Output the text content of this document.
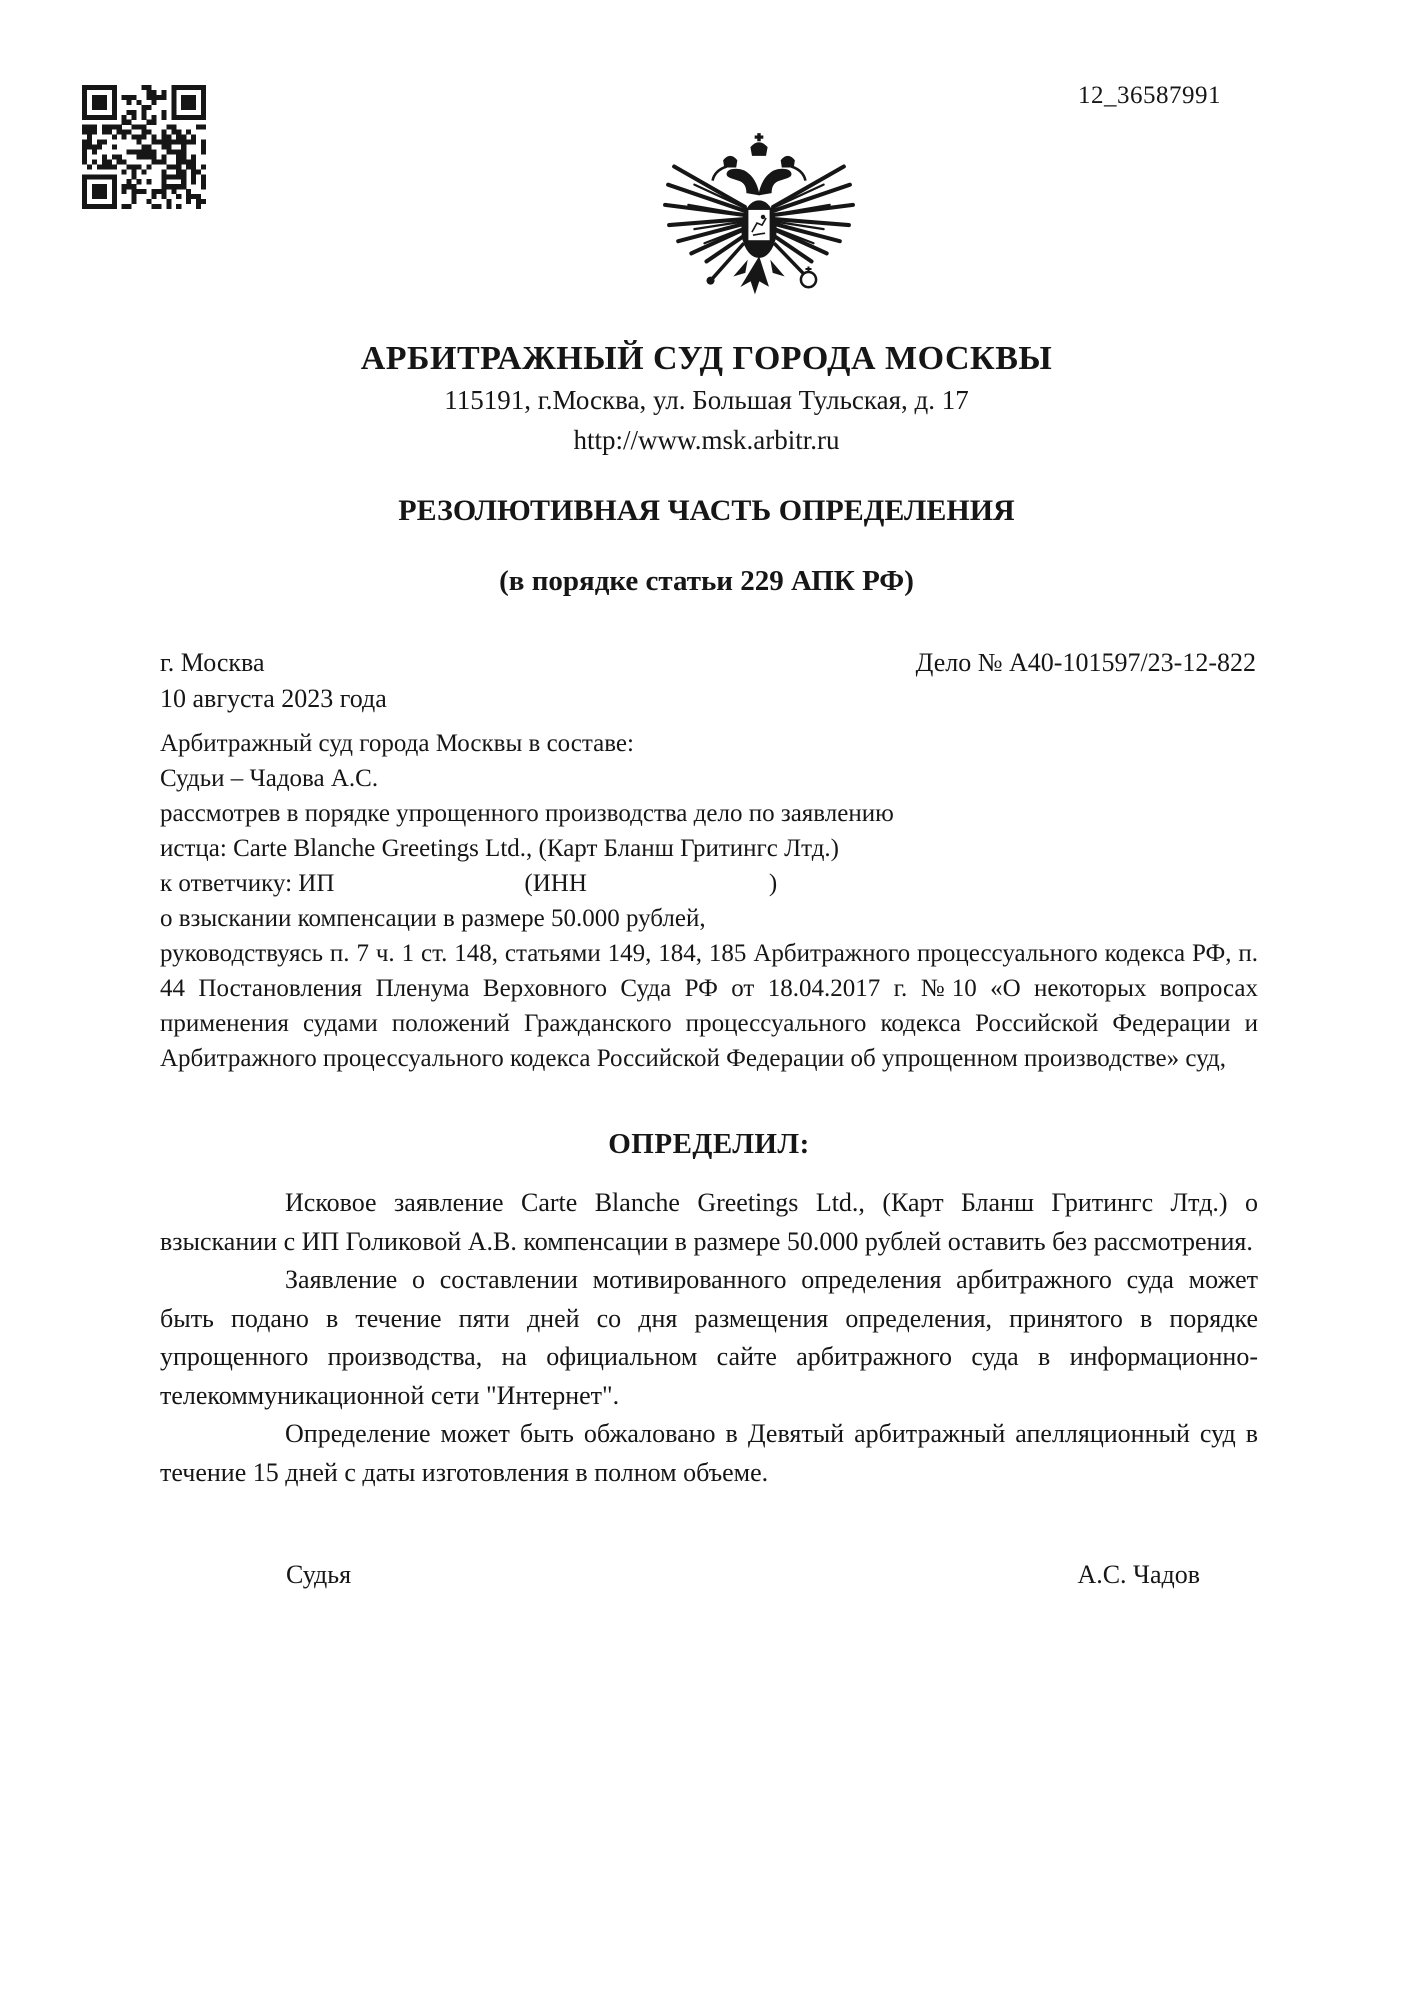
12_36587991
АРБИТРАЖНЫЙ СУД ГОРОДА МОСКВЫ
115191, г.Москва, ул. Большая Тульская, д. 17
http://www.msk.arbitr.ru
РЕЗОЛЮТИВНАЯ ЧАСТЬ ОПРЕДЕЛЕНИЯ
(в порядке статьи 229 АПК РФ)
г. Москва	Дело № А40-101597/23-12-822
10 августа 2023 года
Арбитражный суд города Москвы в составе:
Судьи – Чадова А.С.
рассмотрев в порядке упрощенного производства дело по заявлению
истца: Carte Blanche Greetings Ltd., (Карт Бланш Гритингс Лтд.)
к ответчику: ИП	(ИНН	)
о взыскании компенсации в размере 50.000 рублей,
руководствуясь п. 7 ч. 1 ст. 148, статьями 149, 184, 185 Арбитражного процессуального кодекса РФ, п. 44 Постановления Пленума Верховного Суда РФ от 18.04.2017 г. №10 «О некоторых вопросах применения судами положений Гражданского процессуального кодекса Российской Федерации и Арбитражного процессуального кодекса Российской Федерации об упрощенном производстве» суд,
ОПРЕДЕЛИЛ:

Исковое заявление Carte Blanche Greetings Ltd., (Карт Бланш Гритингс Лтд.) о взыскании с ИП Голиковой А.В. компенсации в размере 50.000 рублей оставить без рассмотрения.

Заявление о составлении мотивированного определения арбитражного суда может быть подано в течение пяти дней со дня размещения определения, принятого в порядке упрощенного производства, на официальном сайте арбитражного суда в информационно-телекоммуникационной сети "Интернет".

Определение может быть обжаловано в Девятый арбитражный апелляционный суд в течение 15 дней с даты изготовления в полном объеме.

Судья	А.С. Чадов
